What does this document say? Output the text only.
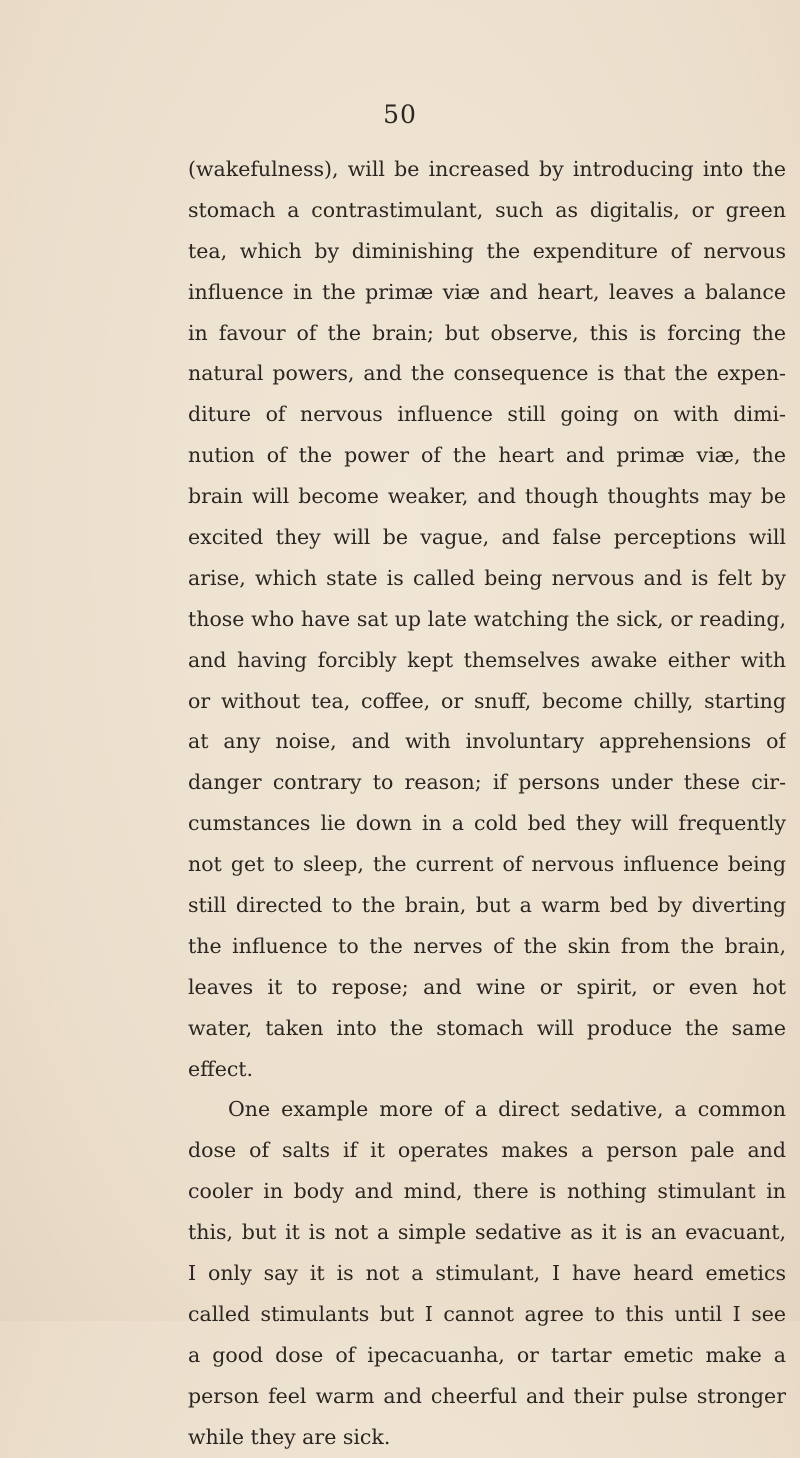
50
(wakefulness), will be increased by introducing into the
stomach a contrastimulant, such as digitalis, or green
tea, which by diminishing the expenditure of nervous
influence in the primæ viæ and heart, leaves a balance
in favour of the brain; but observe, this is forcing the
natural powers, and the consequence is that the expen-
diture of nervous influence still going on with dimi-
nution of the power of the heart and primæ viæ, the
brain will become weaker, and though thoughts may be
excited they will be vague, and false perceptions will
arise, which state is called being nervous and is felt by
those who have sat up late watching the sick, or reading,
and having forcibly kept themselves awake either with
or without tea, coffee, or snuff, become chilly, starting
at any noise, and with involuntary apprehensions of
danger contrary to reason; if persons under these cir-
cumstances lie down in a cold bed they will frequently
not get to sleep, the current of nervous influence being
still directed to the brain, but a warm bed by diverting
the influence to the nerves of the skin from the brain,
leaves it to repose; and wine or spirit, or even hot
water, taken into the stomach will produce the same
effect.
One example more of a direct sedative, a common
dose of salts if it operates makes a person pale and
cooler in body and mind, there is nothing stimulant in
this, but it is not a simple sedative as it is an evacuant,
I only say it is not a stimulant, I have heard emetics
called stimulants but I cannot agree to this until I see
a good dose of ipecacuanha, or tartar emetic make a
person feel warm and cheerful and their pulse stronger
while they are sick.
